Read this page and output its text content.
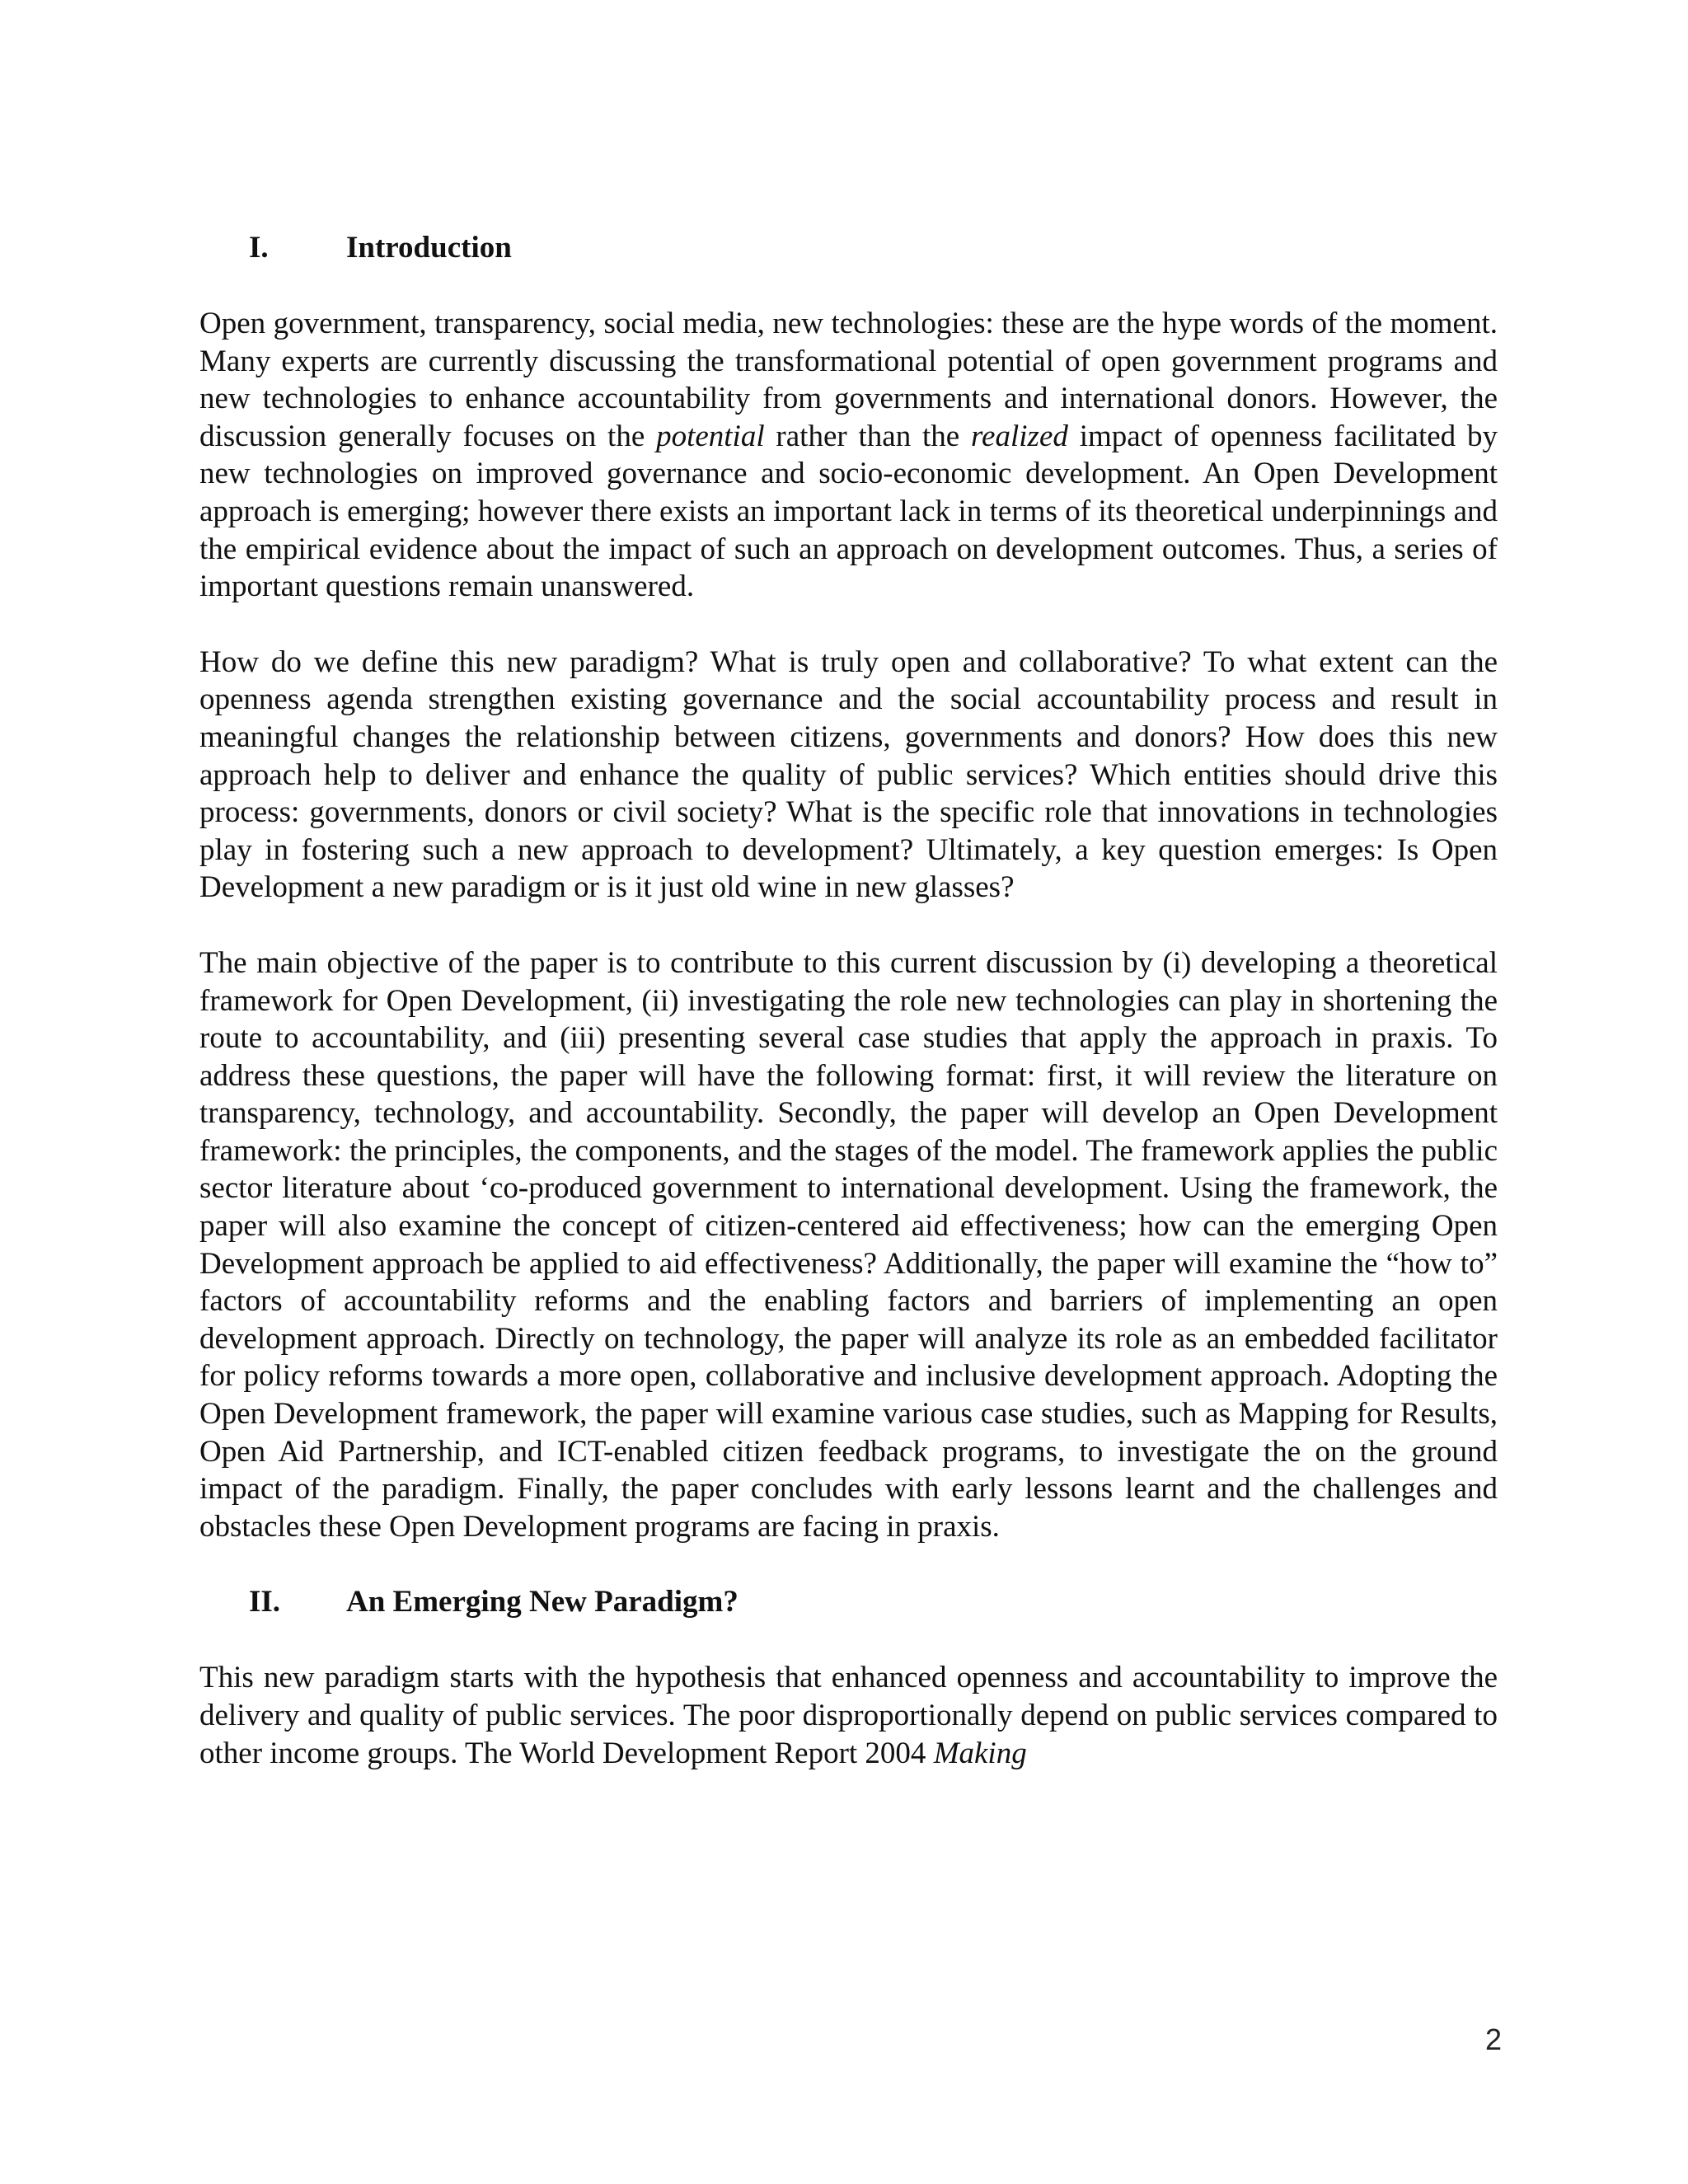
I.	Introduction

Open government, transparency, social media, new technologies: these are the hype words of the moment. Many experts are currently discussing the transformational potential of open government programs and new technologies to enhance accountability from governments and international donors. However, the discussion generally focuses on the potential rather than the realized impact of openness facilitated by new technologies on improved governance and socio-economic development. An Open Development approach is emerging; however there exists an important lack in terms of its theoretical underpinnings and the empirical evidence about the impact of such an approach on development outcomes. Thus, a series of important questions remain unanswered.

How do we define this new paradigm? What is truly open and collaborative? To what extent can the openness agenda strengthen existing governance and the social accountability process and result in meaningful changes the relationship between citizens, governments and donors? How does this new approach help to deliver and enhance the quality of public services? Which entities should drive this process: governments, donors or civil society? What is the specific role that innovations in technologies play in fostering such a new approach to development? Ultimately, a key question emerges: Is Open Development a new paradigm or is it just old wine in new glasses?

The main objective of the paper is to contribute to this current discussion by (i) developing a theoretical framework for Open Development, (ii) investigating the role new technologies can play in shortening the route to accountability, and (iii) presenting several case studies that apply the approach in praxis. To address these questions, the paper will have the following format: first, it will review the literature on transparency, technology, and accountability. Secondly, the paper will develop an Open Development framework: the principles, the components, and the stages of the model. The framework applies the public sector literature about ‘co-produced government to international development. Using the framework, the paper will also examine the concept of citizen-centered aid effectiveness; how can the emerging Open Development approach be applied to aid effectiveness? Additionally, the paper will examine the “how to” factors of accountability reforms and the enabling factors and barriers of implementing an open development approach. Directly on technology, the paper will analyze its role as an embedded facilitator for policy reforms towards a more open, collaborative and inclusive development approach. Adopting the Open Development framework, the paper will examine various case studies, such as Mapping for Results, Open Aid Partnership, and ICT-enabled citizen feedback programs, to investigate the on the ground impact of the paradigm. Finally, the paper concludes with early lessons learnt and the challenges and obstacles these Open Development programs are facing in praxis.

II.	An Emerging New Paradigm?

This new paradigm starts with the hypothesis that enhanced openness and accountability to improve the delivery and quality of public services. The poor disproportionally depend on public services compared to other income groups. The World Development Report 2004 Making

2
